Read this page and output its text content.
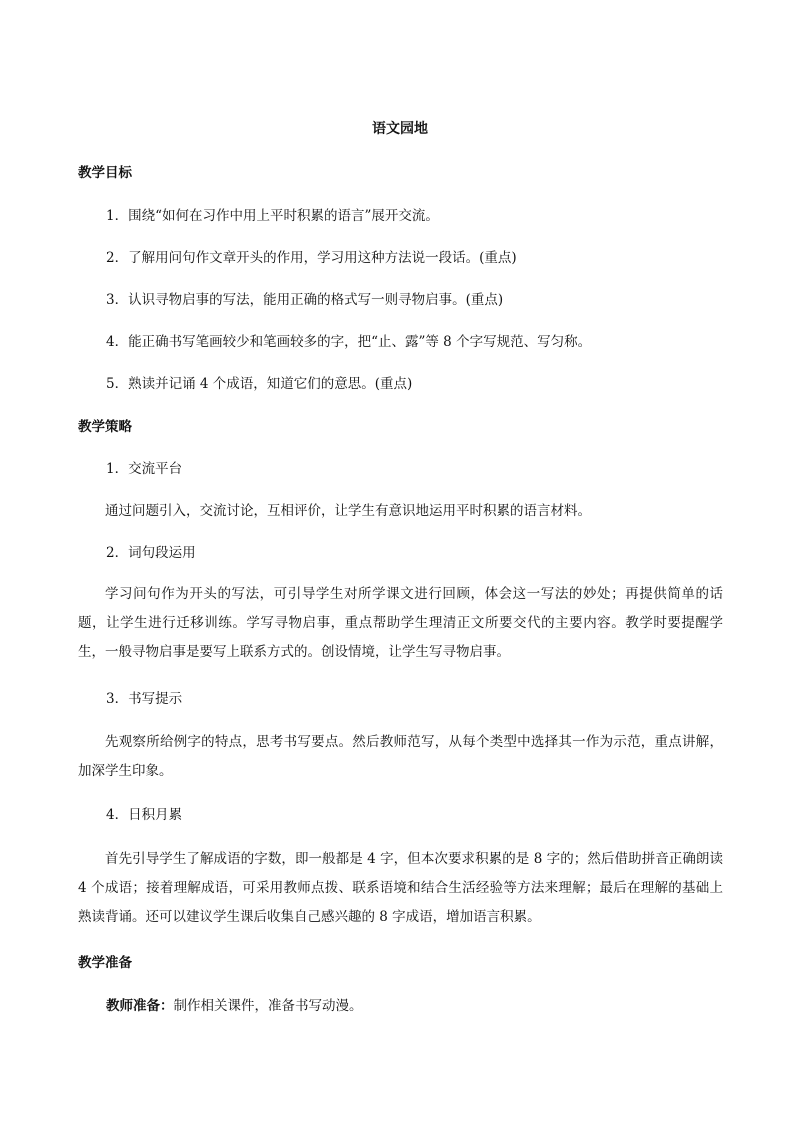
语文园地
教学目标
1．围绕“如何在习作中用上平时积累的语言”展开交流。
2．了解用问句作文章开头的作用，学习用这种方法说一段话。(重点)
3．认识寻物启事的写法，能用正确的格式写一则寻物启事。(重点)
4．能正确书写笔画较少和笔画较多的字，把“止、露”等 8 个字写规范、写匀称。
5．熟读并记诵 4 个成语，知道它们的意思。(重点)
教学策略
1．交流平台
通过问题引入，交流讨论，互相评价，让学生有意识地运用平时积累的语言材料。
2．词句段运用
学习问句作为开头的写法，可引导学生对所学课文进行回顾，体会这一写法的妙处；再提供简单的话题，让学生进行迁移训练。学写寻物启事，重点帮助学生理清正文所要交代的主要内容。教学时要提醒学生，一般寻物启事是要写上联系方式的。创设情境，让学生写寻物启事。
3．书写提示
先观察所给例字的特点，思考书写要点。然后教师范写，从每个类型中选择其一作为示范，重点讲解，加深学生印象。
4．日积月累
首先引导学生了解成语的字数，即一般都是 4 字，但本次要求积累的是 8 字的；然后借助拼音正确朗读 4 个成语；接着理解成语，可采用教师点拨、联系语境和结合生活经验等方法来理解；最后在理解的基础上熟读背诵。还可以建议学生课后收集自己感兴趣的 8 字成语，增加语言积累。
教学准备
教师准备：制作相关课件，准备书写动漫。
